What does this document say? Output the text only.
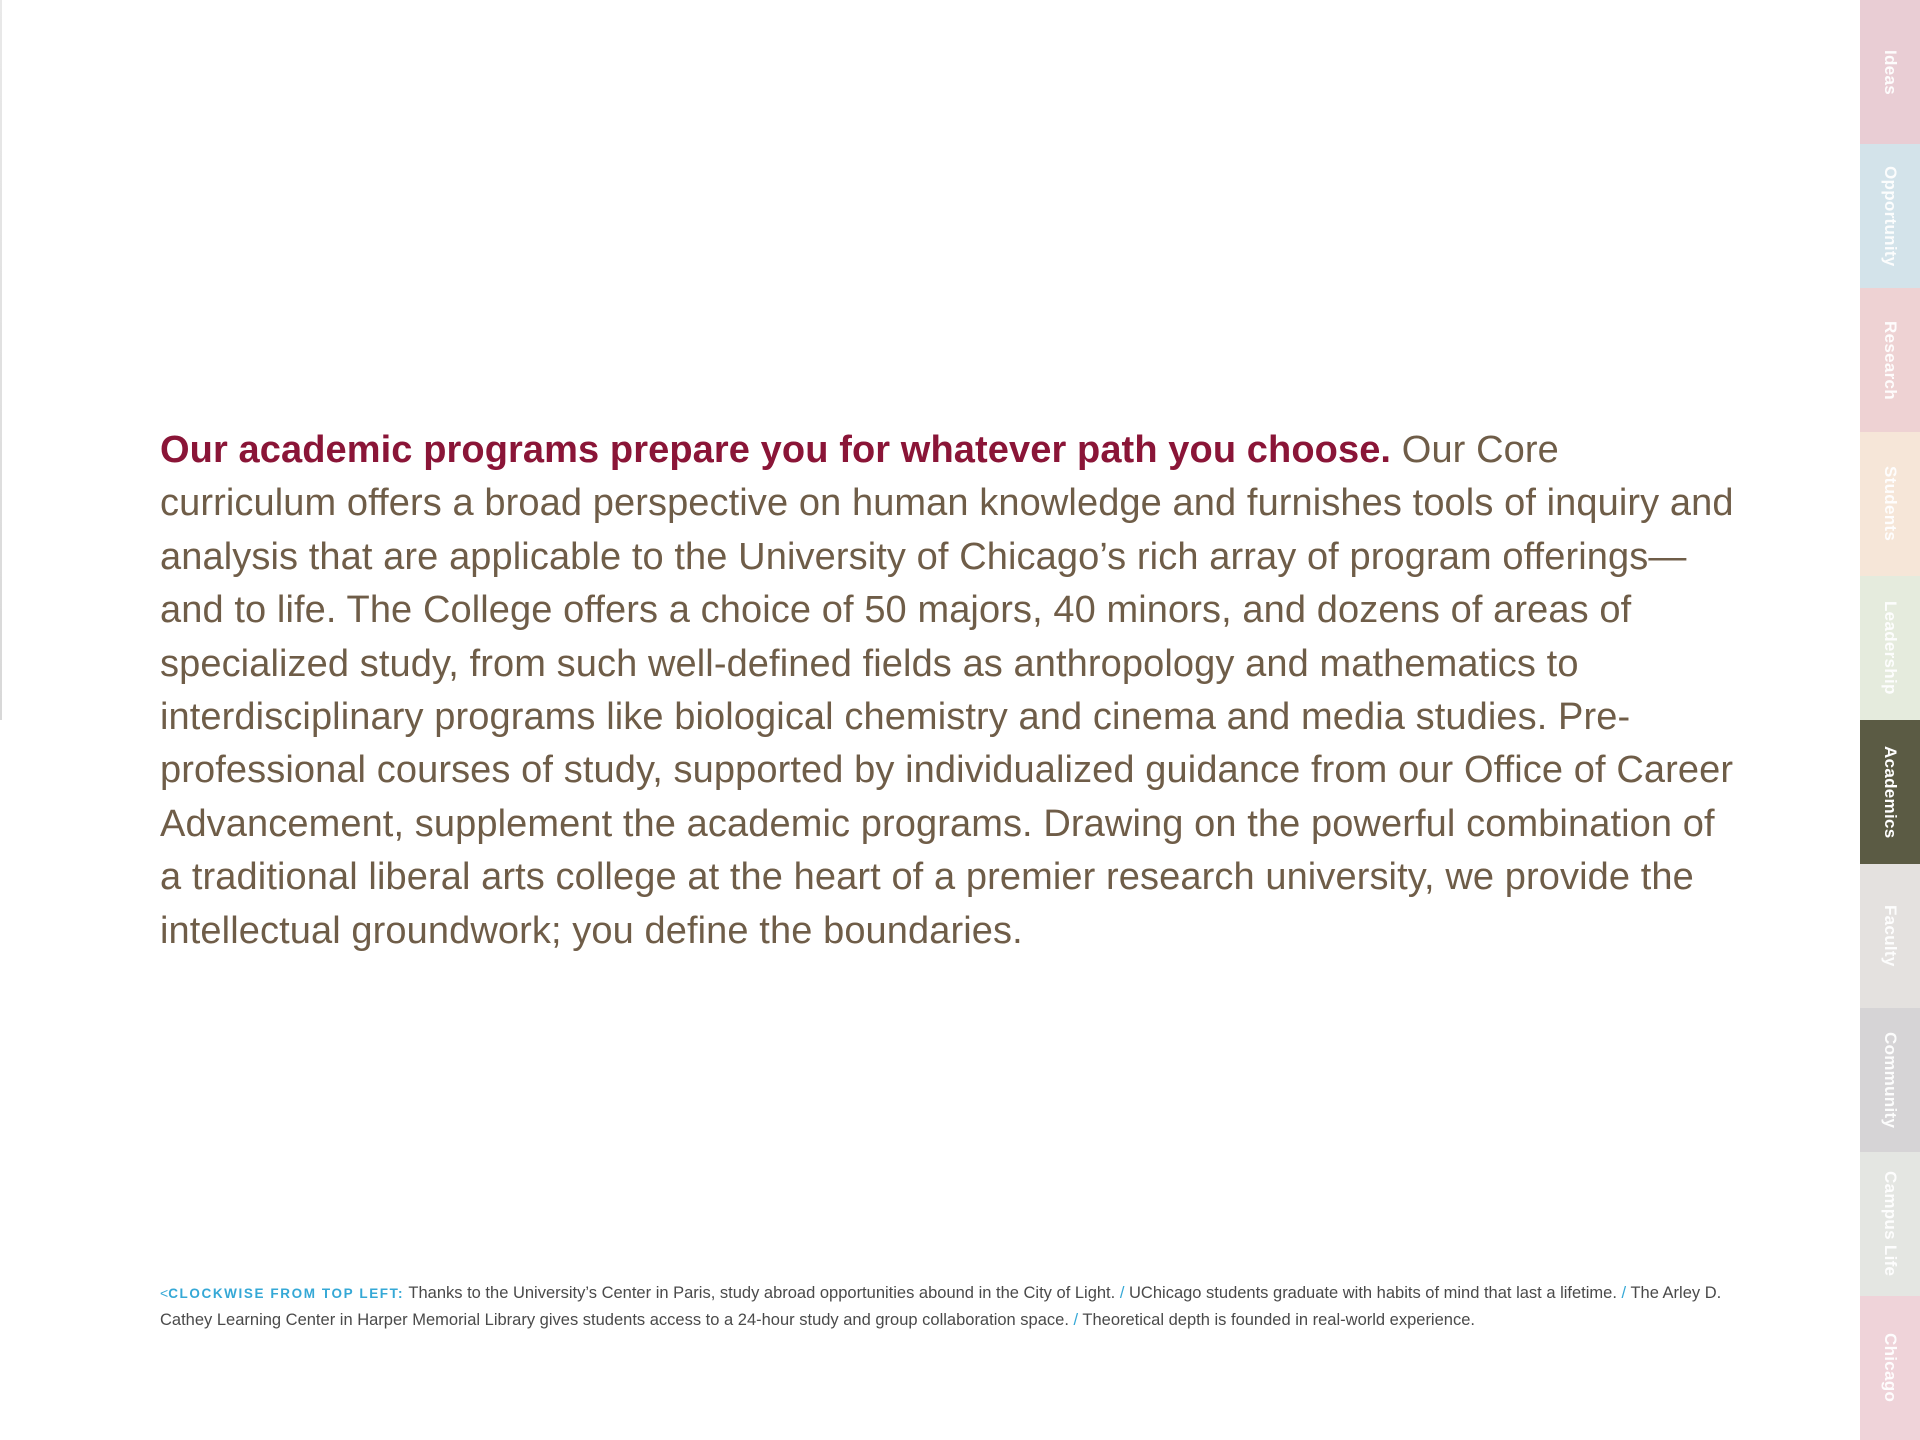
Our academic programs prepare you for whatever path you choose. Our Core curriculum offers a broad perspective on human knowledge and furnishes tools of inquiry and analysis that are applicable to the University of Chicago’s rich array of program offerings—and to life. The College offers a choice of 50 majors, 40 minors, and dozens of areas of specialized study, from such well-defined fields as anthropology and mathematics to interdisciplinary programs like biological chemistry and cinema and media studies. Pre-professional courses of study, supported by individualized guidance from our Office of Career Advancement, supplement the academic programs. Drawing on the powerful combination of a traditional liberal arts college at the heart of a premier research university, we provide the intellectual groundwork; you define the boundaries.

<CLOCKWISE FROM TOP LEFT: Thanks to the University’s Center in Paris, study abroad opportunities abound in the City of Light. / UChicago students graduate with habits of mind that last a lifetime. / The Arley D. Cathey Learning Center in Harper Memorial Library gives students access to a 24-hour study and group collaboration space. / Theoretical depth is founded in real-world experience.

Ideas
Opportunity
Research
Students
Leadership
Academics
Faculty
Community
Campus Life
Chicago
